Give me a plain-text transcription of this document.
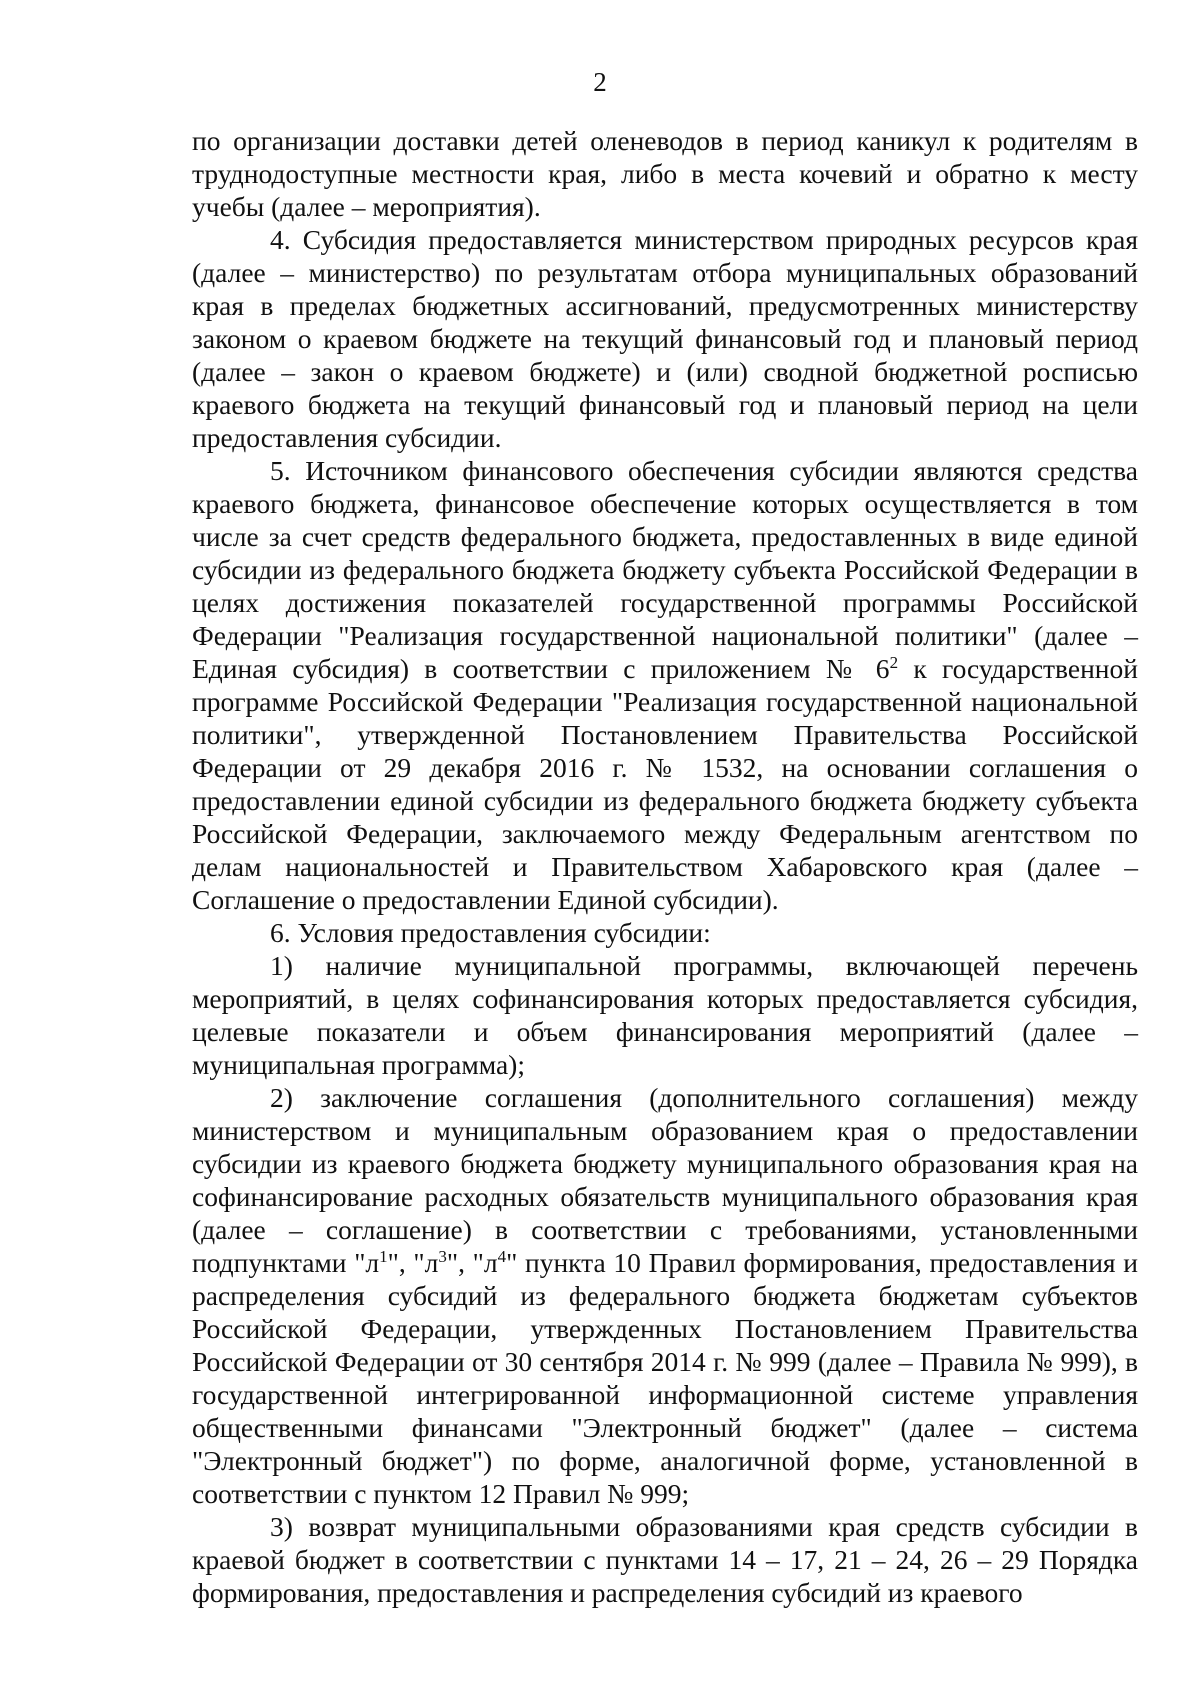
2

по организации доставки детей оленеводов в период каникул к родителям в труднодоступные местности края, либо в места кочевий и обратно к месту учебы (далее – мероприятия).

4. Субсидия предоставляется министерством природных ресурсов края (далее – министерство) по результатам отбора муниципальных образований края в пределах бюджетных ассигнований, предусмотренных министерству законом о краевом бюджете на текущий финансовый год и плановый период (далее – закон о краевом бюджете) и (или) сводной бюджетной росписью краевого бюджета на текущий финансовый год и плановый период на цели предоставления субсидии.

5. Источником финансового обеспечения субсидии являются средства краевого бюджета, финансовое обеспечение которых осуществляется в том числе за счет средств федерального бюджета, предоставленных в виде единой субсидии из федерального бюджета бюджету субъекта Российской Федерации в целях достижения показателей государственной программы Российской Федерации "Реализация государственной национальной политики" (далее – Единая субсидия) в соответствии с приложением № $6^2$ к государственной программе Российской Федерации "Реализация государственной национальной политики", утвержденной Постановлением Правительства Российской Федерации от 29 декабря 2016 г. № 1532, на основании соглашения о предоставлении единой субсидии из федерального бюджета бюджету субъекта Российской Федерации, заключаемого между Федеральным агентством по делам национальностей и Правительством Хабаровского края (далее – Соглашение о предоставлении Единой субсидии).

6. Условия предоставления субсидии:

1) наличие муниципальной программы, включающей перечень мероприятий, в целях софинансирования которых предоставляется субсидия, целевые показатели и объем финансирования мероприятий (далее – муниципальная программа);

2) заключение соглашения (дополнительного соглашения) между министерством и муниципальным образованием края о предоставлении субсидии из краевого бюджета бюджету муниципального образования края на софинансирование расходных обязательств муниципального образования края (далее – соглашение) в соответствии с требованиями, установленными подпунктами "$л^1$", "$л^3$", "$л^4$" пункта 10 Правил формирования, предоставления и распределения субсидий из федерального бюджета бюджетам субъектов Российской Федерации, утвержденных Постановлением Правительства Российской Федерации от 30 сентября 2014 г. № 999 (далее – Правила № 999), в государственной интегрированной информационной системе управления общественными финансами "Электронный бюджет" (далее – система "Электронный бюджет") по форме, аналогичной форме, установленной в соответствии с пунктом 12 Правил № 999;

3) возврат муниципальными образованиями края средств субсидии в краевой бюджет в соответствии с пунктами 14 – 17, 21 – 24, 26 – 29 Порядка формирования, предоставления и распределения субсидий из краевого
